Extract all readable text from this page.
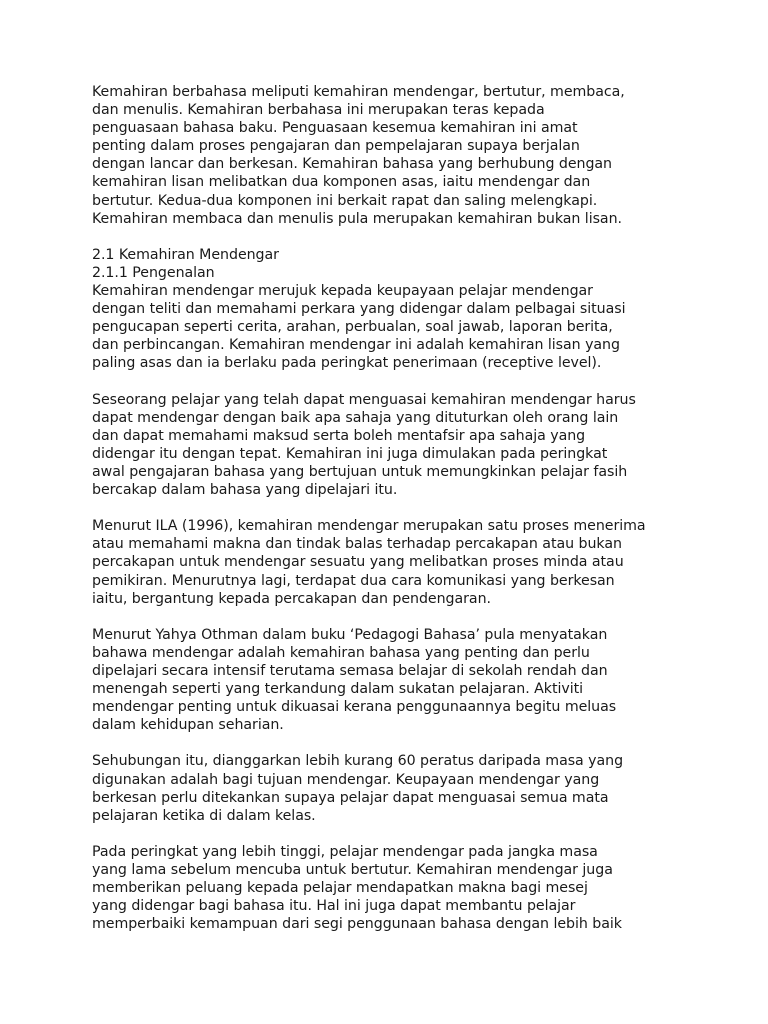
Kemahiran berbahasa meliputi kemahiran mendengar, bertutur, membaca,
dan menulis. Kemahiran berbahasa ini merupakan teras kepada
penguasaan bahasa baku. Penguasaan kesemua kemahiran ini amat
penting dalam proses pengajaran dan pempelajaran supaya berjalan
dengan lancar dan berkesan. Kemahiran bahasa yang berhubung dengan
kemahiran lisan melibatkan dua komponen asas, iaitu mendengar dan
bertutur. Kedua-dua komponen ini berkait rapat dan saling melengkapi.
Kemahiran membaca dan menulis pula merupakan kemahiran bukan lisan.
2.1 Kemahiran Mendengar
2.1.1 Pengenalan
Kemahiran mendengar merujuk kepada keupayaan pelajar mendengar
dengan teliti dan memahami perkara yang didengar dalam pelbagai situasi
pengucapan seperti cerita, arahan, perbualan, soal jawab, laporan berita,
dan perbincangan. Kemahiran mendengar ini adalah kemahiran lisan yang
paling asas dan ia berlaku pada peringkat penerimaan (receptive level).
Seseorang pelajar yang telah dapat menguasai kemahiran mendengar harus
dapat mendengar dengan baik apa sahaja yang dituturkan oleh orang lain
dan dapat memahami maksud serta boleh mentafsir apa sahaja yang
didengar itu dengan tepat. Kemahiran ini juga dimulakan pada peringkat
awal pengajaran bahasa yang bertujuan untuk memungkinkan pelajar fasih
bercakap dalam bahasa yang dipelajari itu.
Menurut ILA (1996), kemahiran mendengar merupakan satu proses menerima
atau memahami makna dan tindak balas terhadap percakapan atau bukan
percakapan untuk mendengar sesuatu yang melibatkan proses minda atau
pemikiran. Menurutnya lagi, terdapat dua cara komunikasi yang berkesan
iaitu, bergantung kepada percakapan dan pendengaran.
Menurut Yahya Othman dalam buku ‘Pedagogi Bahasa’ pula menyatakan
bahawa mendengar adalah kemahiran bahasa yang penting dan perlu
dipelajari secara intensif terutama semasa belajar di sekolah rendah dan
menengah seperti yang terkandung dalam sukatan pelajaran. Aktiviti
mendengar penting untuk dikuasai kerana penggunaannya begitu meluas
dalam kehidupan seharian.
Sehubungan itu, dianggarkan lebih kurang 60 peratus daripada masa yang
digunakan adalah bagi tujuan mendengar. Keupayaan mendengar yang
berkesan perlu ditekankan supaya pelajar dapat menguasai semua mata
pelajaran ketika di dalam kelas.
Pada peringkat yang lebih tinggi, pelajar mendengar pada jangka masa
yang lama sebelum mencuba untuk bertutur. Kemahiran mendengar juga
memberikan peluang kepada pelajar mendapatkan makna bagi mesej
yang didengar bagi bahasa itu. Hal ini juga dapat membantu pelajar
memperbaiki kemampuan dari segi penggunaan bahasa dengan lebih baik
